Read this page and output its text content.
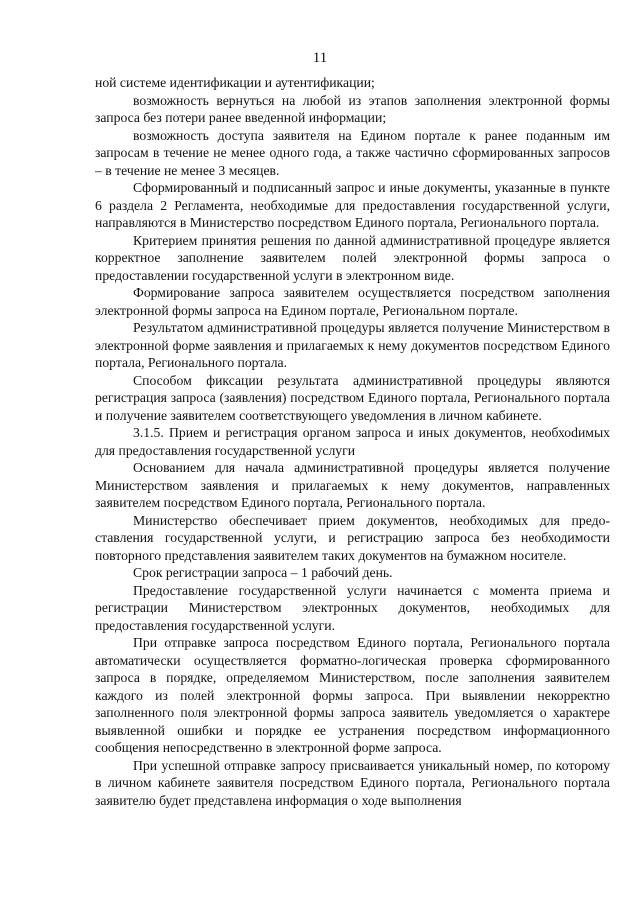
11

ной системе идентификации и аутентификации;

возможность вернуться на любой из этапов заполнения электронной формы запроса без потери ранее введенной информации;

возможность доступа заявителя на Едином портале к ранее поданным им запросам в течение не менее одного года, а также частично сформированных запросов – в течение не менее 3 месяцев.

Сформированный и подписанный запрос и иные документы, указанные в пункте 6 раздела 2 Регламента, необходимые для предоставления государственной услуги, направляются в Министерство посредством Единого портала, Регионального портала.

Критерием принятия решения по данной административной процедуре является корректное заполнение заявителем полей электронной формы запроса о предоставлении государственной услуги в электронном виде.

Формирование запроса заявителем осуществляется посредством заполнения электронной формы запроса на Едином портале, Региональном портале.

Результатом административной процедуры является получение Министерством в электронной форме заявления и прилагаемых к нему документов посредством Единого портала, Регионального портала.

Способом фиксации результата административной процедуры являются регистрация запроса (заявления) посредством Единого портала, Регионального портала и получение заявителем соответствующего уведомления в личном кабинете.

3.1.5. Прием и регистрация органом запроса и иных документов, необхоdимых для предоставления государственной услуги

Основанием для начала административной процедуры является получение Министерством заявления и прилагаемых к нему документов, направленных заявителем посредством Единого портала, Регионального портала.

Министерство обеспечивает прием документов, необходимых для предоставления государственной услуги, и регистрацию запроса без необходимости повторного представления заявителем таких документов на бумажном носителе.

Срок регистрации запроса – 1 рабочий день.

Предоставление государственной услуги начинается с момента приема и регистрации Министерством электронных документов, необходимых для предоставления государственной услуги.

При отправке запроса посредством Единого портала, Регионального портала автоматически осуществляется форматно-логическая проверка сформированного запроса в порядке, определяемом Министерством, после заполнения заявителем каждого из полей электронной формы запроса. При выявлении некорректно заполненного поля электронной формы запроса заявитель уведомляется о характере выявленной ошибки и порядке ее устранения посредством информационного сообщения непосредственно в электронной форме запроса.

При успешной отправке запросу присваивается уникальный номер, по которому в личном кабинете заявителя посредством Единого портала, Регионального портала заявителю будет представлена информация о ходе выполнения
